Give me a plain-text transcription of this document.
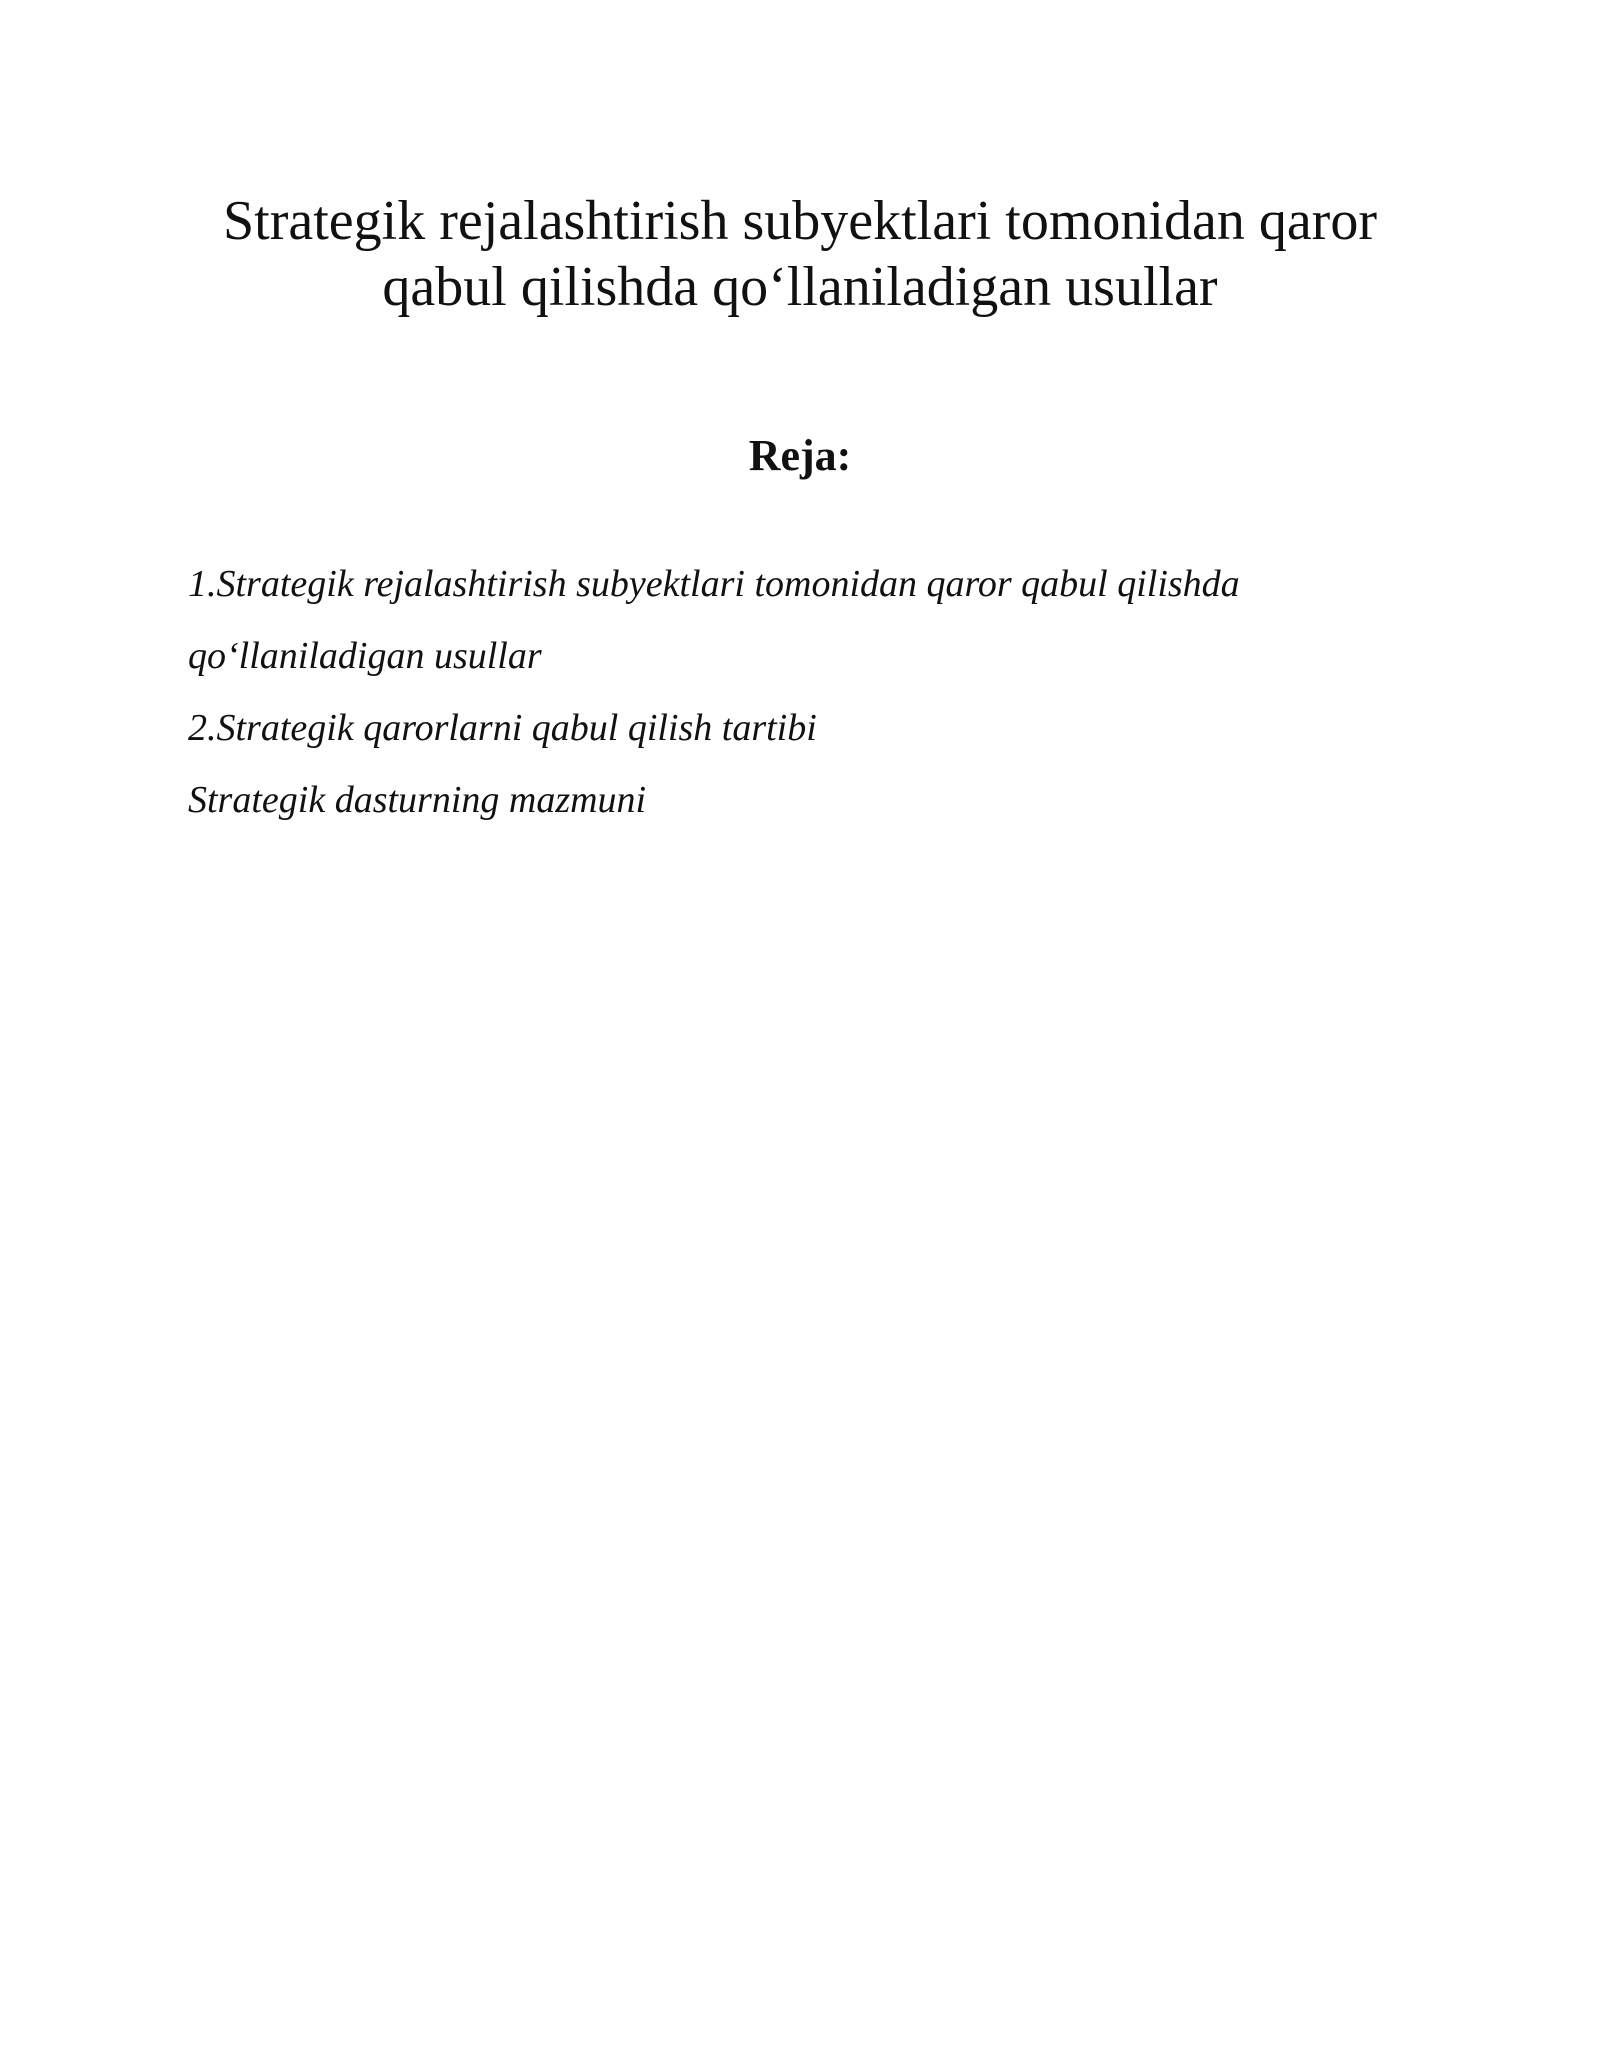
Strategik rejalashtirish subyektlari tomonidan qaror
qabul qilishda qo‘llaniladigan usullar
Reja:
1.Strategik rejalashtirish subyektlari tomonidan qaror qabul qilishda
qo‘llaniladigan usullar
2.Strategik qarorlarni qabul qilish tartibi
Strategik dasturning mazmuni
